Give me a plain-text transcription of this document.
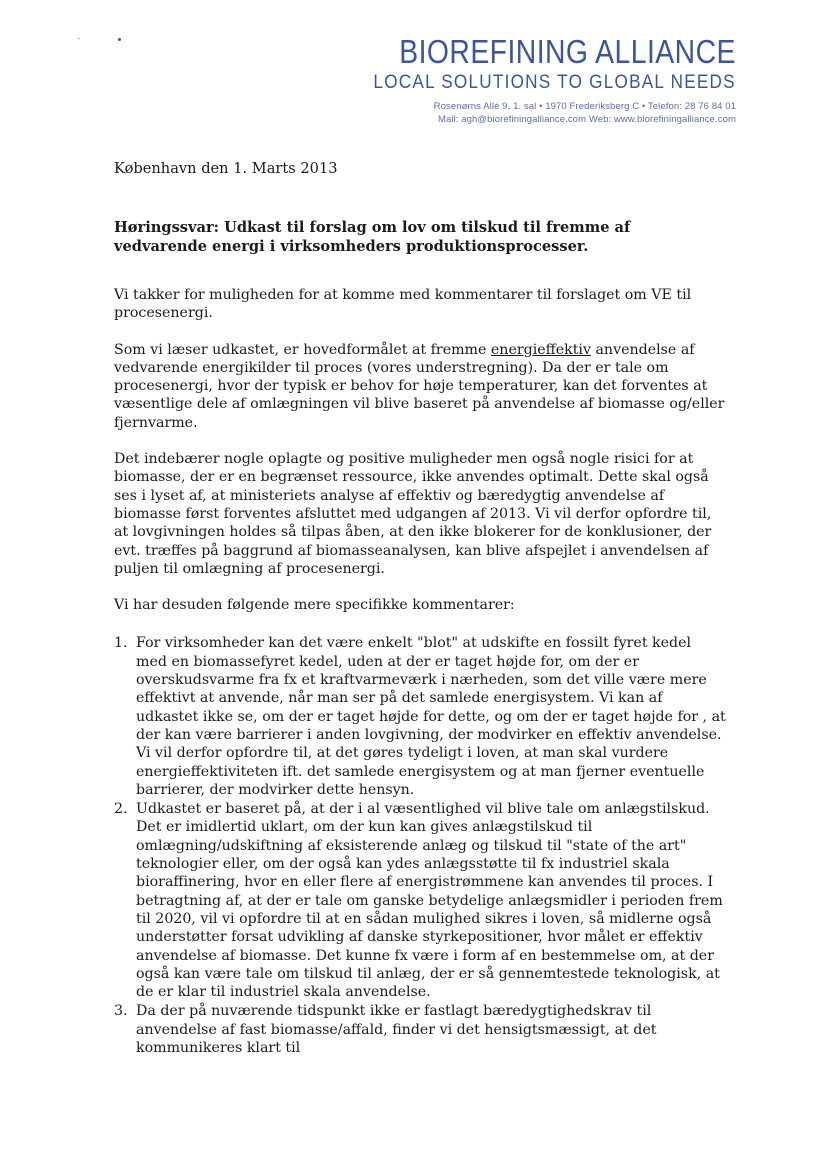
BIOREFINING ALLIANCE
LOCAL SOLUTIONS TO GLOBAL NEEDS
Rosenørns Allé 9, 1. sal • 1970 Frederiksberg C • Telefon: 28 76 84 01
Mail: agh@biorefiningalliance.com Web: www.biorefiningalliance.com
København den 1. Marts 2013
Høringssvar: Udkast til forslag om lov om tilskud til fremme af vedvarende energi i virksomheders produktionsprocesser.

Vi takker for muligheden for at komme med kommentarer til forslaget om VE til procesenergi.

Som vi læser udkastet, er hovedformålet at fremme energieffektiv anvendelse af vedvarende energikilder til proces (vores understregning). Da der er tale om procesenergi, hvor der typisk er behov for høje temperaturer, kan det forventes at væsentlige dele af omlægningen vil blive baseret på anvendelse af biomasse og/eller fjernvarme.

Det indebærer nogle oplagte og positive muligheder men også nogle risici for at biomasse, der er en begrænset ressource, ikke anvendes optimalt. Dette skal også ses i lyset af, at ministeriets analyse af effektiv og bæredygtig anvendelse af biomasse først forventes afsluttet med udgangen af 2013. Vi vil derfor opfordre til, at lovgivningen holdes så tilpas åben, at den ikke blokerer for de konklusioner, der evt. træffes på baggrund af biomasseanalysen, kan blive afspejlet i anvendelsen af puljen til omlægning af procesenergi.

Vi har desuden følgende mere specifikke kommentarer:

1. For virksomheder kan det være enkelt "blot" at udskifte en fossilt fyret kedel med en biomassefyret kedel, uden at der er taget højde for, om der er overskudsvarme fra fx et kraftvarmeværk i nærheden, som det ville være mere effektivt at anvende, når man ser på det samlede energisystem. Vi kan af udkastet ikke se, om der er taget højde for dette, og om der er taget højde for , at der kan være barrierer i anden lovgivning, der modvirker en effektiv anvendelse. Vi vil derfor opfordre til, at det gøres tydeligt i loven, at man skal vurdere energieffektiviteten ift. det samlede energisystem og at man fjerner eventuelle barrierer, der modvirker dette hensyn.
2. Udkastet er baseret på, at der i al væsentlighed vil blive tale om anlægstilskud. Det er imidlertid uklart, om der kun kan gives anlægstilskud til omlægning/udskiftning af eksisterende anlæg og tilskud til "state of the art" teknologier eller, om der også kan ydes anlægsstøtte til fx industriel skala bioraffinering, hvor en eller flere af energistrømmene kan anvendes til proces. I betragtning af, at der er tale om ganske betydelige anlægsmidler i perioden frem til 2020, vil vi opfordre til at en sådan mulighed sikres i loven, så midlerne også understøtter forsat udvikling af danske styrkepositioner, hvor målet er effektiv anvendelse af biomasse. Det kunne fx være i form af en bestemmelse om, at der også kan være tale om tilskud til anlæg, der er så gennemtestede teknologisk, at de er klar til industriel skala anvendelse.
3. Da der på nuværende tidspunkt ikke er fastlagt bæredygtighedskrav til anvendelse af fast biomasse/affald, finder vi det hensigtsmæssigt, at det kommunikeres klart til
